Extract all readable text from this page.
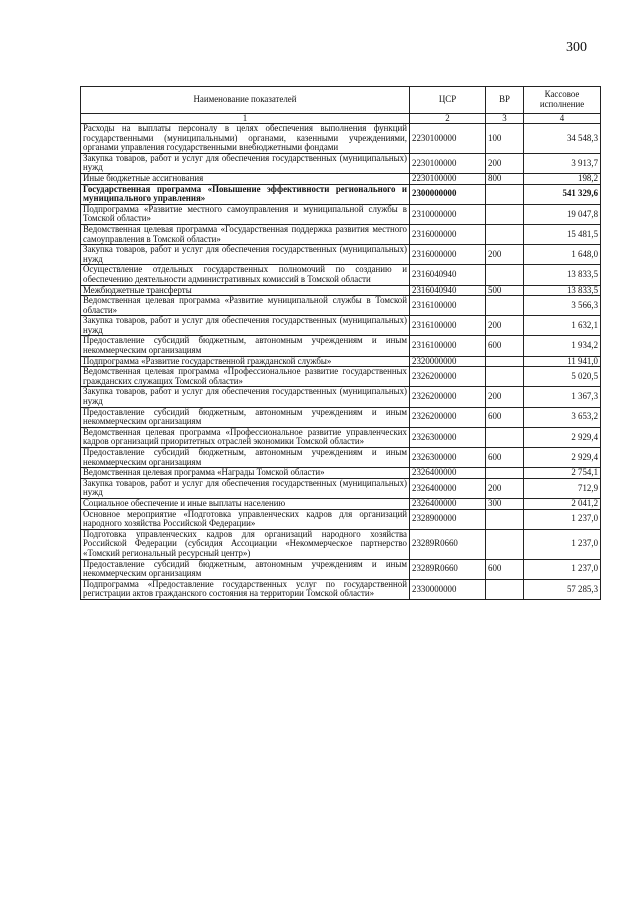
300
Наименование показателей	ЦСР	ВР	Кассовое исполнение
1	2	3	4
Расходы на выплаты персоналу в целях обеспечения выполнения функций государственными (муниципальными) органами, казенными учреждениями, органами управления государственными внебюджетными фондами	2230100000	100	34 548,3
Закупка товаров, работ и услуг для обеспечения государственных (муниципальных) нужд	2230100000	200	3 913,7
Иные бюджетные ассигнования	2230100000	800	198,2
Государственная программа «Повышение эффективности регионального и муниципального управления»	2300000000		541 329,6
Подпрограмма «Развитие местного самоуправления и муниципальной службы в Томской области»	2310000000		19 047,8
Ведомственная целевая программа «Государственная поддержка развития местного самоуправления в Томской области»	2316000000		15 481,5
Закупка товаров, работ и услуг для обеспечения государственных (муниципальных) нужд	2316000000	200	1 648,0
Осуществление отдельных государственных полномочий по созданию и обеспечению деятельности административных комиссий в Томской области	2316040940		13 833,5
Межбюджетные трансферты	2316040940	500	13 833,5
Ведомственная целевая программа «Развитие муниципальной службы в Томской области»	2316100000		3 566,3
Закупка товаров, работ и услуг для обеспечения государственных (муниципальных) нужд	2316100000	200	1 632,1
Предоставление субсидий бюджетным, автономным учреждениям и иным некоммерческим организациям	2316100000	600	1 934,2
Подпрограмма «Развитие государственной гражданской службы»	2320000000		11 941,0
Ведомственная целевая программа «Профессиональное развитие государственных гражданских служащих Томской области»	2326200000		5 020,5
Закупка товаров, работ и услуг для обеспечения государственных (муниципальных) нужд	2326200000	200	1 367,3
Предоставление субсидий бюджетным, автономным учреждениям и иным некоммерческим организациям	2326200000	600	3 653,2
Ведомственная целевая программа «Профессиональное развитие управленческих кадров организаций приоритетных отраслей экономики Томской области»	2326300000		2 929,4
Предоставление субсидий бюджетным, автономным учреждениям и иным некоммерческим организациям	2326300000	600	2 929,4
Ведомственная целевая программа «Награды Томской области»	2326400000		2 754,1
Закупка товаров, работ и услуг для обеспечения государственных (муниципальных) нужд	2326400000	200	712,9
Социальное обеспечение и иные выплаты населению	2326400000	300	2 041,2
Основное мероприятие «Подготовка управленческих кадров для организаций народного хозяйства Российской Федерации»	2328900000		1 237,0
Подготовка управленческих кадров для организаций народного хозяйства Российской Федерации (субсидия Ассоциации «Некоммерческое партнерство «Томский региональный ресурсный центр»)	23289R0660		1 237,0
Предоставление субсидий бюджетным, автономным учреждениям и иным некоммерческим организациям	23289R0660	600	1 237,0
Подпрограмма «Предоставление государственных услуг по государственной регистрации актов гражданского состояния на территории Томской области»	2330000000		57 285,3
